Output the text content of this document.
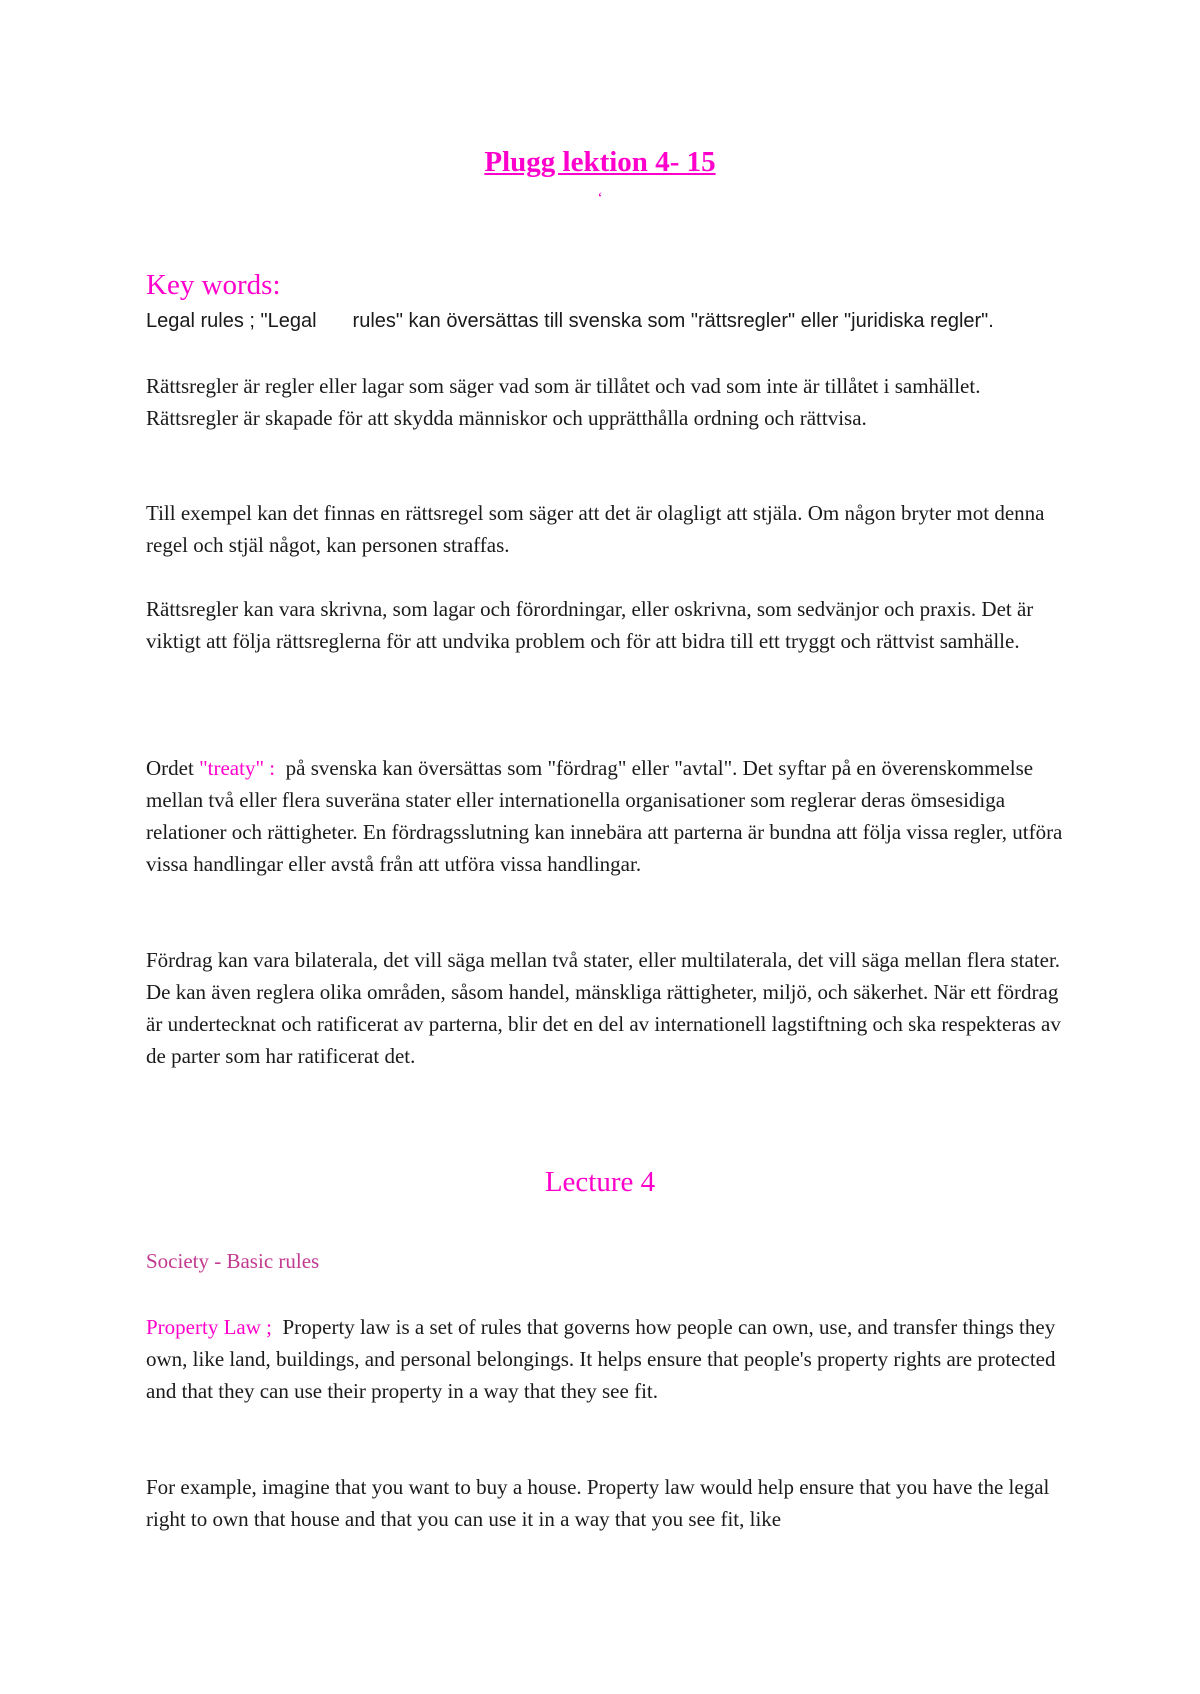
Plugg lektion 4- 15

‘

Key words:

Legal rules ; "Legal rules" kan översättas till svenska som "rättsregler" eller "juridiska regler".

Rättsregler är regler eller lagar som säger vad som är tillåtet och vad som inte är tillåtet i samhället. Rättsregler är skapade för att skydda människor och upprätthålla ordning och rättvisa.

Till exempel kan det finnas en rättsregel som säger att det är olagligt att stjäla. Om någon bryter mot denna regel och stjäl något, kan personen straffas.

Rättsregler kan vara skrivna, som lagar och förordningar, eller oskrivna, som sedvänjor och praxis. Det är viktigt att följa rättsreglerna för att undvika problem och för att bidra till ett tryggt och rättvist samhälle.

Ordet "treaty" : på svenska kan översättas som "fördrag" eller "avtal". Det syftar på en överenskommelse mellan två eller flera suveräna stater eller internationella organisationer som reglerar deras ömsesidiga relationer och rättigheter. En fördragsslutning kan innebära att parterna är bundna att följa vissa regler, utföra vissa handlingar eller avstå från att utföra vissa handlingar.

Fördrag kan vara bilaterala, det vill säga mellan två stater, eller multilaterala, det vill säga mellan flera stater. De kan även reglera olika områden, såsom handel, mänskliga rättigheter, miljö, och säkerhet. När ett fördrag är undertecknat och ratificerat av parterna, blir det en del av internationell lagstiftning och ska respekteras av de parter som har ratificerat det.

Lecture 4

Society - Basic rules

Property Law ; Property law is a set of rules that governs how people can own, use, and transfer things they own, like land, buildings, and personal belongings. It helps ensure that people's property rights are protected and that they can use their property in a way that they see fit.

For example, imagine that you want to buy a house. Property law would help ensure that you have the legal right to own that house and that you can use it in a way that you see fit, like
